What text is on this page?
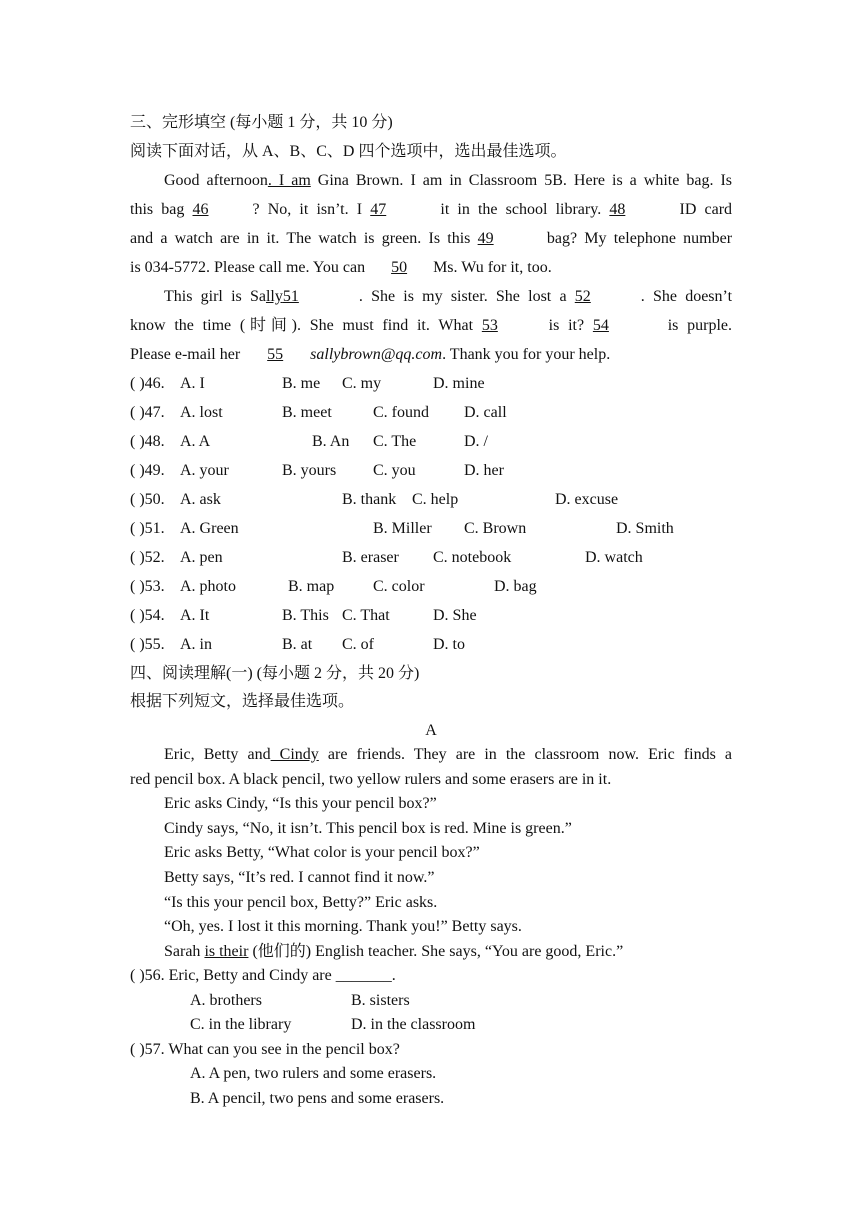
三、完形填空 (每小题 1 分，共 10 分)
阅读下面对话，从 A、B、C、D 四个选项中，选出最佳选项。
Good afternoon. I am Gina Brown. I am in Classroom 5B. Here is a white bag. Is
this bag 46	? No, it isn’t. I 47	it in the school library. 48	ID card
and a watch are in it. The watch is green. Is this 49	bag? My telephone number
is 034-5772. Please call me. You can 50 Ms. Wu for it, too.
This girl is Sally51	. She is my sister. She lost a 52	. She doesn’t
know the time (时间). She must find it. What 53	is it? 54	is purple.
Please e-mail her 55 sallybrown@qq.com. Thank you for your help.
( )46. A. I	B. me C. my	D. mine
( )47. A. lost	B. meet	C. found D. call
( )48. A. A	B. An C. The	D. /
( )49. A. your	B. yours C. you	D. her
( )50. A. ask	B. thank C. help	D. excuse
( )51. A. Green	B. Miller C. Brown	D. Smith
( )52. A. pen	B. eraser C. notebook	D. watch
( )53. A. photo	B. map C. color	D. bag
( )54. A. It	B. This C. That	D. She
( )55. A. in	B. at C. of	D. to
四、阅读理解(一) (每小题 2 分，共 20 分)
根据下列短文，选择最佳选项。
A
Eric, Betty and Cindy are friends. They are in the classroom now. Eric finds a
red pencil box. A black pencil, two yellow rulers and some erasers are in it.
Eric asks Cindy, “Is this your pencil box?”
Cindy says, “No, it isn’t. This pencil box is red. Mine is green.”
Eric asks Betty, “What color is your pencil box?”
Betty says, “It’s red. I cannot find it now.”
“Is this your pencil box, Betty?” Eric asks.
“Oh, yes. I lost it this morning. Thank you!” Betty says.
Sarah is their (他们的) English teacher. She says, “You are good, Eric.”
( )56. Eric, Betty and Cindy are _______.
A. brothers	B. sisters
C. in the library	D. in the classroom
( )57. What can you see in the pencil box?
A. A pen, two rulers and some erasers.
B. A pencil, two pens and some erasers.
